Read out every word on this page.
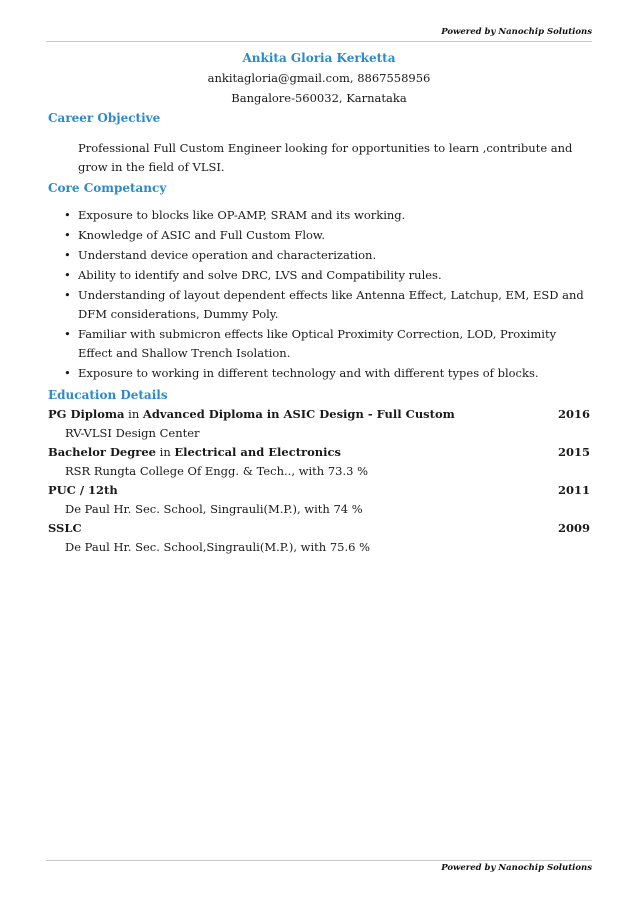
Powered by Nanochip Solutions
Ankita Gloria Kerketta
ankitagloria@gmail.com, 8867558956
Bangalore-560032, Karnataka
Career Objective
Professional Full Custom Engineer looking for opportunities to learn ,contribute and grow in the field of VLSI.
Core Competancy
• Exposure to blocks like OP-AMP, SRAM and its working.
• Knowledge of ASIC and Full Custom Flow.
• Understand device operation and characterization.
• Ability to identify and solve DRC, LVS and Compatibility rules.
• Understanding of layout dependent effects like Antenna Effect, Latchup, EM, ESD and DFM considerations, Dummy Poly.
• Familiar with submicron effects like Optical Proximity Correction, LOD, Proximity Effect and Shallow Trench Isolation.
• Exposure to working in different technology and with different types of blocks.
Education Details
PG Diploma in Advanced Diploma in ASIC Design - Full Custom	2016
RV-VLSI Design Center
Bachelor Degree in Electrical and Electronics	2015
RSR Rungta College Of Engg. & Tech.., with 73.3 %
PUC / 12th	2011
De Paul Hr. Sec. School, Singrauli(M.P.), with 74 %
SSLC	2009
De Paul Hr. Sec. School,Singrauli(M.P.), with 75.6 %
Powered by Nanochip Solutions
